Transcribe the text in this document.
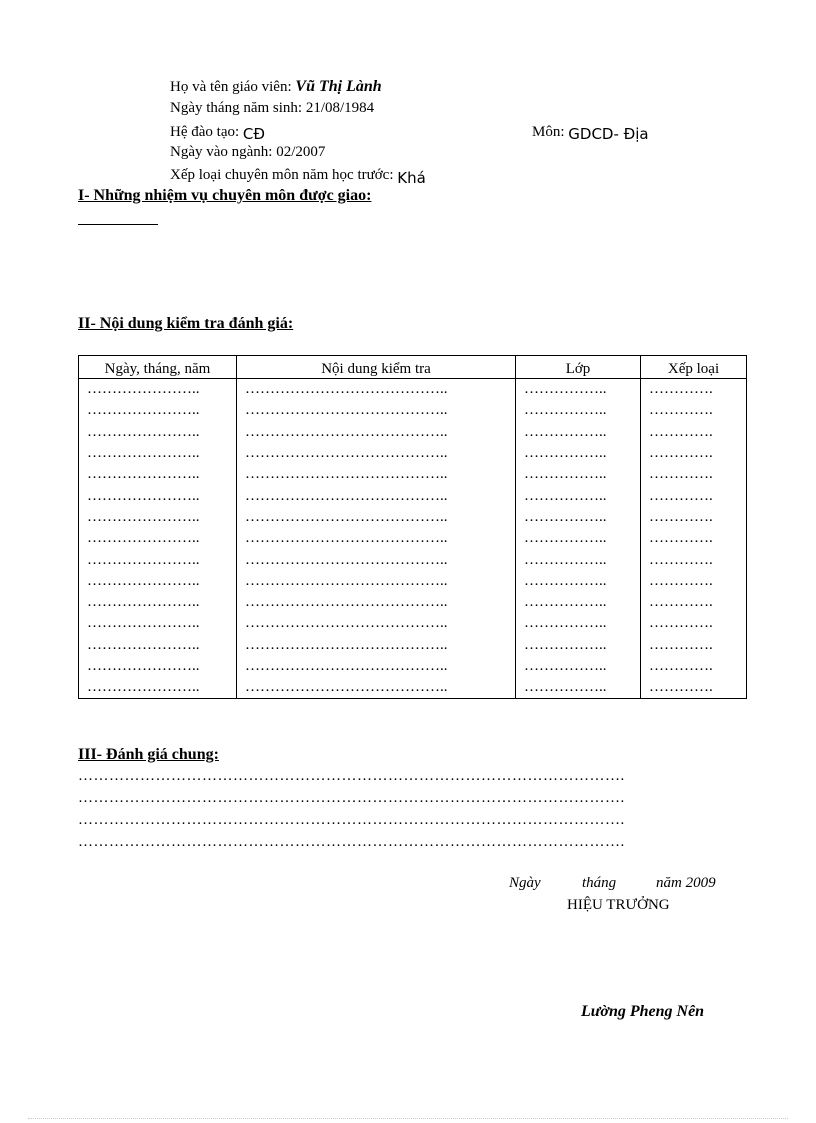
Họ và tên giáo viên: Vũ Thị Lành
Ngày tháng năm sinh: 21/08/1984
Hệ đào tạo: CĐ	Môn: GDCD- Địa
Ngày vào ngành: 02/2007
Xếp loại chuyên môn năm học trước: Khá
I- Những nhiệm vụ chuyên môn được giao:
II- Nội dung kiểm tra đánh giá:
Ngày, tháng, năm	Nội dung kiểm tra	Lớp	Xếp loại
…………………..	…………………………………..	……………..	………….
…………………..	…………………………………..	……………..	………….
…………………..	…………………………………..	……………..	………….
…………………..	…………………………………..	……………..	………….
…………………..	…………………………………..	……………..	………….
…………………..	…………………………………..	……………..	………….
…………………..	…………………………………..	……………..	………….
…………………..	…………………………………..	……………..	………….
…………………..	…………………………………..	……………..	………….
…………………..	…………………………………..	……………..	………….
…………………..	…………………………………..	……………..	………….
…………………..	…………………………………..	……………..	………….
…………………..	…………………………………..	……………..	………….
…………………..	…………………………………..	……………..	………….
…………………..	…………………………………..	……………..	………….
III- Đánh giá chung:
…………………………………………………………………………………………….
…………………………………………………………………………………………….
…………………………………………………………………………………………….
…………………………………………………………………………………………….
Ngày	tháng	năm 2009
HIỆU TRƯỞNG
Lường Pheng Nên
